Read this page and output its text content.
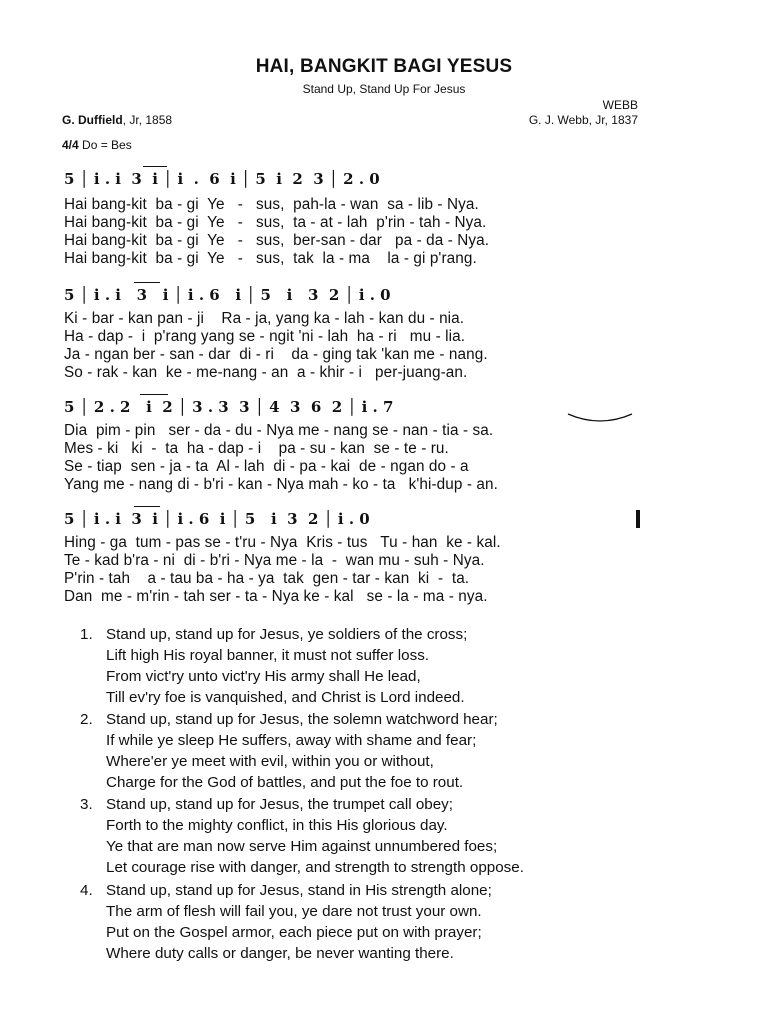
HAI, BANGKIT BAGI YESUS
Stand Up, Stand Up For Jesus
WEBB
G. Duffield, Jr, 1858	G. J. Webb, Jr, 1837
4/4 Do = Bes
5 │ i . i  3  i │ i  .  6  i │ 5  i  2  3 │ 2 . 0
Hai bang-kit  ba - gi  Ye   -   sus,  pah-la - wan  sa - lib - Nya.
Hai bang-kit  ba - gi  Ye   -   sus,  ta - at - lah  p'rin - tah - Nya.
Hai bang-kit  ba - gi  Ye   -   sus,  ber-san - dar   pa - da - Nya.
Hai bang-kit  ba - gi  Ye   -   sus,  tak  la - ma    la - gi p'rang.
5 │ i . i   3   i │ i . 6   i │ 5   i   3  2 │ i . 0
Ki - bar - kan pan - ji    Ra - ja, yang ka - lah - kan du - nia.
Ha - dap -  i  p'rang yang se - ngit 'ni - lah  ha - ri   mu - lia.
Ja - ngan ber - san - dar  di - ri    da - ging tak 'kan me - nang.
So - rak - kan  ke - me-nang - an  a - khir - i   per-juang-an.
5 │ 2 . 2   i  2 │ 3 . 3  3 │ 4  3  6  2 │ i . 7
Dia  pim - pin   ser - da - du - Nya me - nang se - nan - tia - sa.
Mes - ki   ki  -  ta  ha - dap - i    pa - su - kan  se - te - ru.
Se - tiap  sen - ja - ta  Al - lah  di - pa - kai  de - ngan do - a
Yang me - nang di - b'ri - kan - Nya mah - ko - ta   k'hi-dup - an.
5 │ i . i  3  i │ i . 6  i │ 5   i  3  2 │ i . 0
Hing - ga  tum - pas se - t'ru - Nya  Kris - tus   Tu - han  ke - kal.
Te - kad b'ra - ni  di - b'ri - Nya me - la  -  wan mu - suh - Nya.
P'rin - tah    a - tau ba - ha - ya  tak  gen - tar - kan  ki  -  ta.
Dan  me - m'rin - tah ser - ta - Nya ke - kal   se - la - ma - nya.
1. Stand up, stand up for Jesus, ye soldiers of the cross;
Lift high His royal banner, it must not suffer loss.
From vict'ry unto vict'ry His army shall He lead,
Till ev'ry foe is vanquished, and Christ is Lord indeed.
2. Stand up, stand up for Jesus, the solemn watchword hear;
If while ye sleep He suffers, away with shame and fear;
Where'er ye meet with evil, within you or without,
Charge for the God of battles, and put the foe to rout.
3. Stand up, stand up for Jesus, the trumpet call obey;
Forth to the mighty conflict, in this His glorious day.
Ye that are man now serve Him against unnumbered foes;
Let courage rise with danger, and strength to strength oppose.
4. Stand up, stand up for Jesus, stand in His strength alone;
The arm of flesh will fail you, ye dare not trust your own.
Put on the Gospel armor, each piece put on with prayer;
Where duty calls or danger, be never wanting there.
